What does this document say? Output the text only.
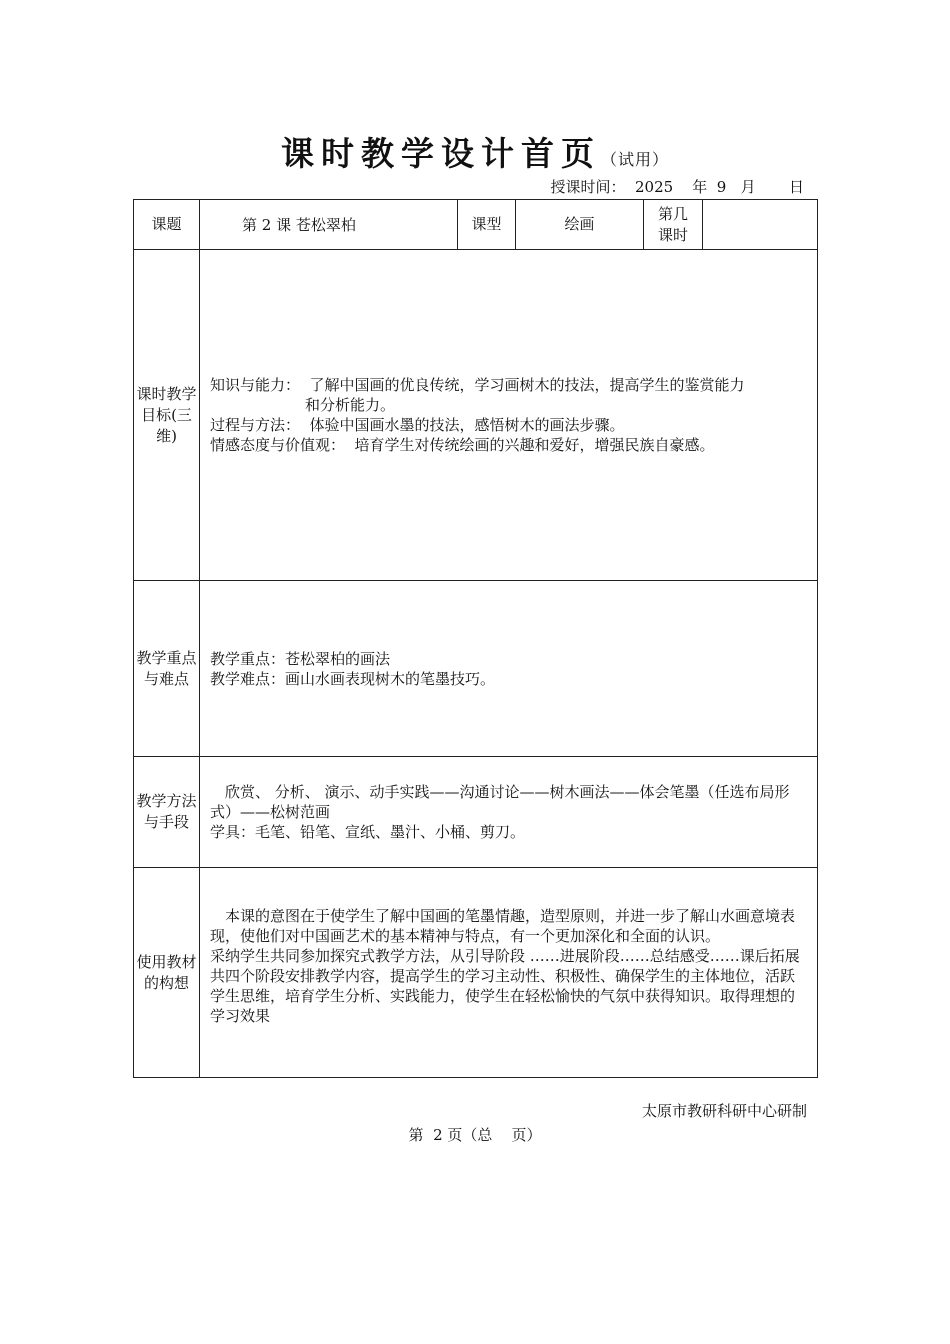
课时教学设计首页（试用）
授课时间：  2025    年  9   月       日
课题	第 2 课 苍松翠柏	课型	绘画	第几课时	
课时教学目标(三维)	知识与能力：  了解中国画的优良传统，学习画树木的技法，提高学生的鉴赏能力
和分析能力。
过程与方法：  体验中国画水墨的技法，感悟树木的画法步骤。
情感态度与价值观：  培育学生对传统绘画的兴趣和爱好，增强民族自豪感。				

教学重点与难点	教学重点：苍松翠柏的画法
教学难点：画山水画表现树木的笔墨技巧。				

教学方法与手段	　欣赏、 分析、 演示、动手实践——沟通讨论——树木画法——体会笔墨（任选布局形式）——松树范画
学具：毛笔、铅笔、宣纸、墨汁、小桶、剪刀。				

使用教材的构想	　本课的意图在于使学生了解中国画的笔墨情趣，造型原则，并进一步了解山水画意境表现，使他们对中国画艺术的基本精神与特点，有一个更加深化和全面的认识。
采纳学生共同参加探究式教学方法，从引导阶段 ……进展阶段……总结感受……课后拓展共四个阶段安排教学内容，提高学生的学习主动性、积极性、确保学生的主体地位，活跃学生思维，培育学生分析、实践能力，使学生在轻松愉快的气氛中获得知识。取得理想的学习效果				
太原市教研科研中心研制
第  2 页（总    页）
